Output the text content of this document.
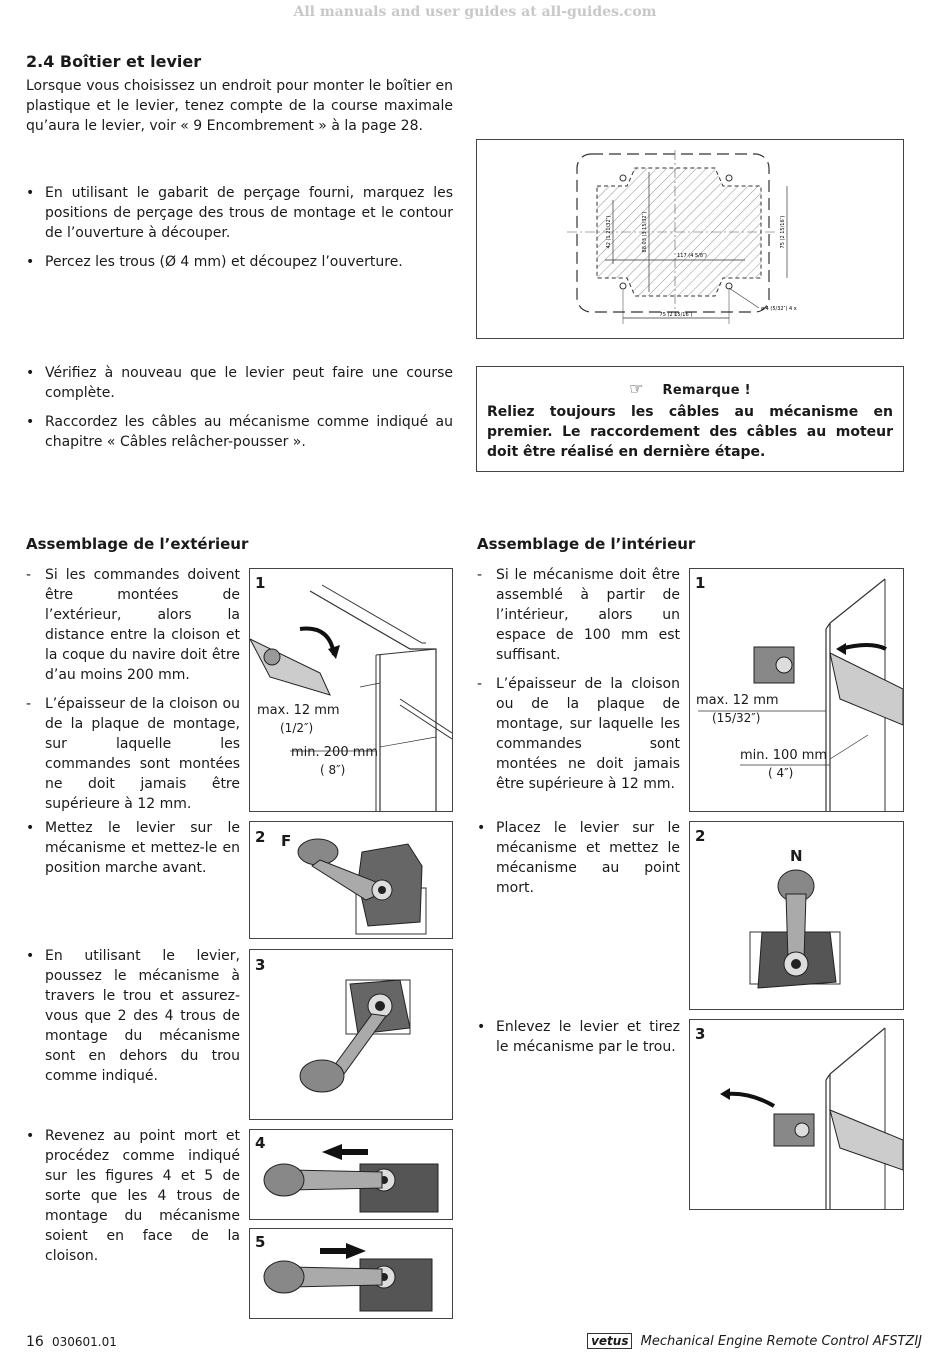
All manuals and user guides at all-guides.com
2.4 Boîtier et levier
Lorsque vous choisissez un endroit pour monter le boîtier en plastique et le levier, tenez compte de la course maximale qu’aura le levier, voir « 9 Encombrement » à la page 28.
• En utilisant le gabarit de perçage fourni, marquez les positions de perçage des trous de montage et le contour de l’ouverture à découper.
• Percez les trous (Ø 4 mm) et découpez l’ouverture.
42 (1 21/32″)	88.03 (3 15/32″)
117 (4 5/8″)
75 (2 15/16″)
75 (2 15/16″)
ø 4 (5/32″) 4 x
• Vérifiez à nouveau que le levier peut faire une course complète.
• Raccordez les câbles au mécanisme comme indiqué au chapitre « Câbles relâcher-pousser ».
☞ Remarque !
Reliez toujours les câbles au mécanisme en premier. Le raccordement des câbles au moteur doit être réalisé en dernière étape.
Assemblage de l’extérieur
- Si les commandes doivent être montées de l’extérieur, alors la distance entre la cloison et la coque du navire doit être d’au moins 200 mm.
- L’épaisseur de la cloison ou de la plaque de montage, sur laquelle les commandes sont montées ne doit jamais être supérieure à 12 mm.
1
max. 12 mm
(1/2″)
min. 200 mm
( 8″)
• Mettez le levier sur le mécanisme et mettez-le en position marche avant.
2 F
• En utilisant le levier, poussez le mécanisme à travers le trou et assurez-vous que 2 des 4 trous de montage du mécanisme sont en dehors du trou comme indiqué.
3
• Revenez au point mort et procédez comme indiqué sur les figures 4 et 5 de sorte que les 4 trous de montage du mécanisme soient en face de la cloison.
4
5
Assemblage de l’intérieur
- Si le mécanisme doit être assemblé à partir de l’intérieur, alors un espace de 100 mm est suffisant.
- L’épaisseur de la cloison ou de la plaque de montage, sur laquelle les commandes sont montées ne doit jamais être supérieure à 12 mm.
1
max. 12 mm
(15/32″)
min. 100 mm
( 4″)
• Placez le levier sur le mécanisme et mettez le mécanisme au point mort.
2
N
• Enlevez le levier et tirez le mécanisme par le trou.
3
16 030601.01	vetus Mechanical Engine Remote Control AFSTZIJ
